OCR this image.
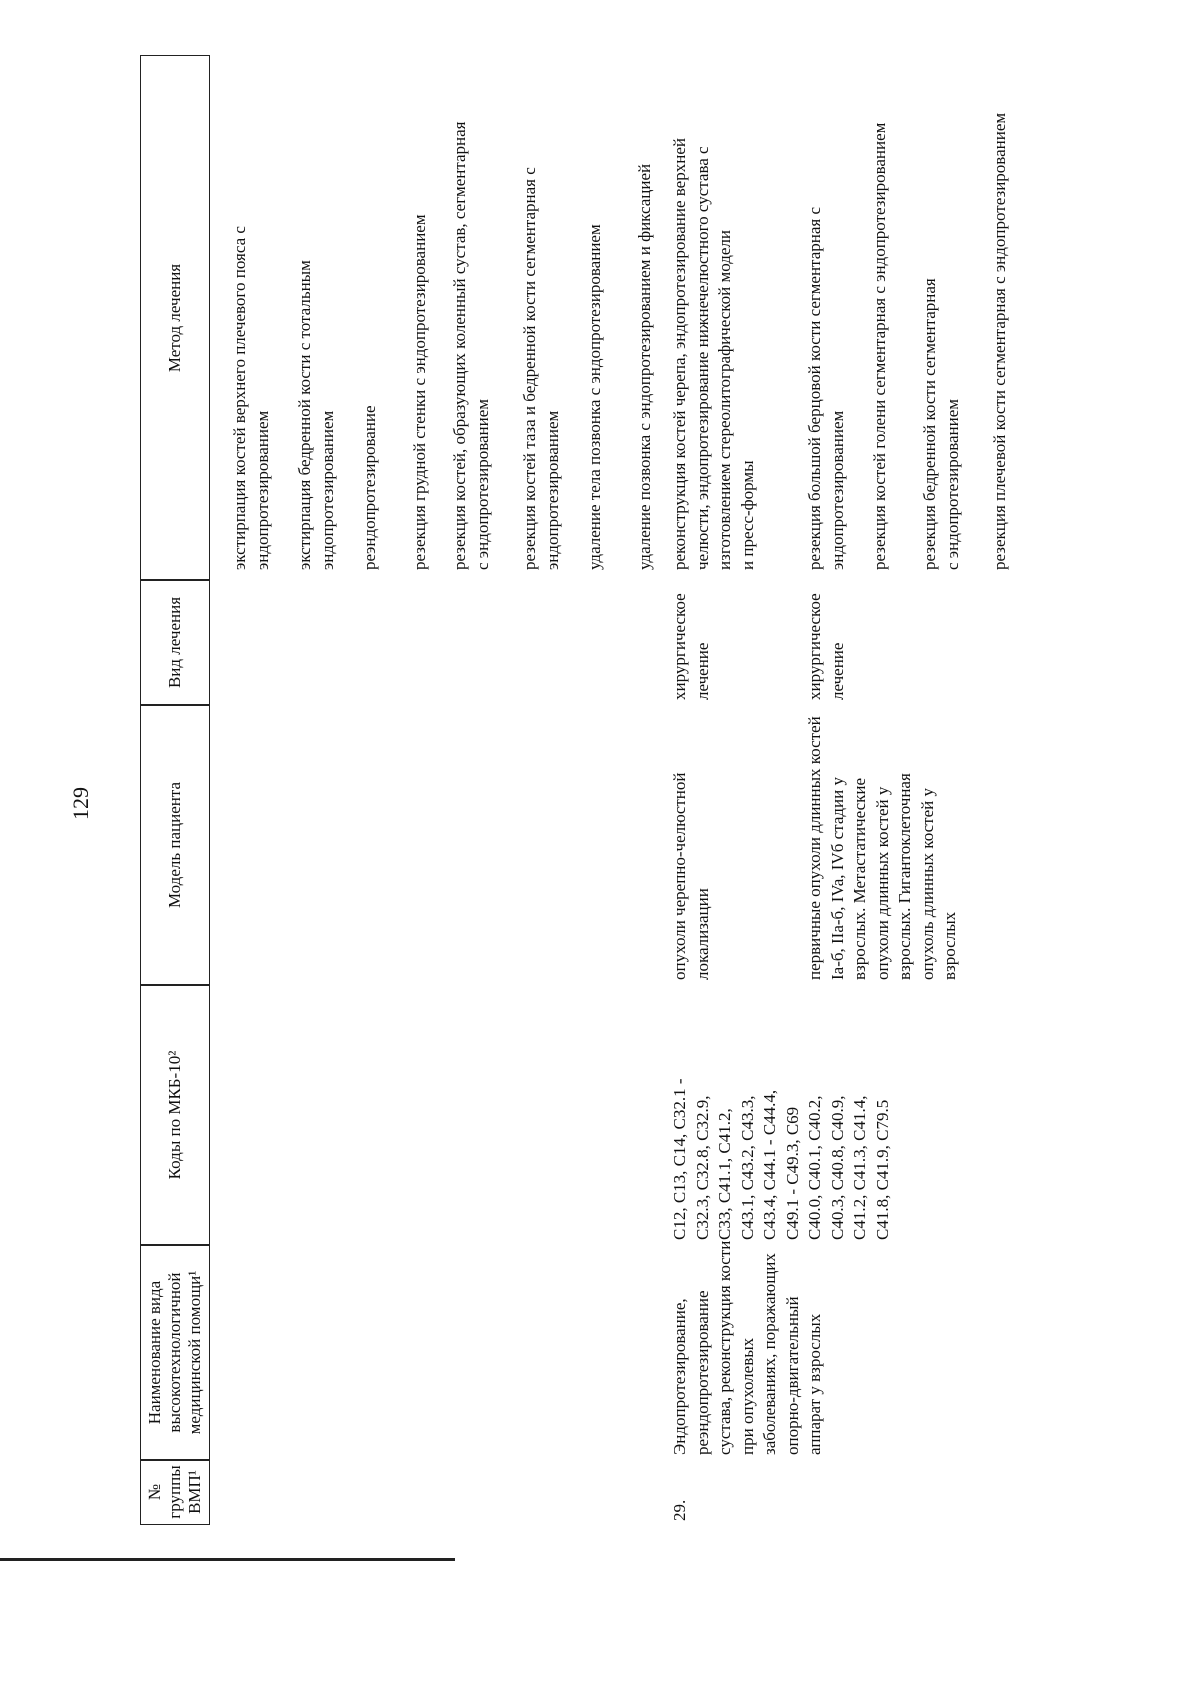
129
№
группы
ВМП¹
Наименование вида
высокотехнологичной
медицинской помощи¹
Коды по МКБ-10²
Модель пациента
Вид лечения
Метод лечения
экстирпация костей верхнего плечевого пояса с
эндопротезированием экстирпация бедренной кости с тотальным
эндопротезированием реэндопротезирование резекция грудной стенки с эндопротезированием резекция костей, образующих коленный сустав, сегментарная
с эндопротезированием резекция костей таза и бедренной кости сегментарная с
эндопротезированием удаление тела позвонка с эндопротезированием удаление позвонка с эндопротезированием и фиксацией
29.
Эндопротезирование,
реэндопротезирование
сустава, реконструкция кости
при опухолевых
заболеваниях, поражающих
опорно-двигательный
аппарат у взрослых
C12, C13, C14, C32.1 -
C32.3, C32.8, C32.9,
C33, C41.1, C41.2,
C43.1, C43.2, C43.3,
C43.4, C44.1 - C44.4,
C49.1 - C49.3, C69
опухоли черепно-челюстной
локализации
хирургическое
лечение
реконструкция костей черепа, эндопротезирование верхней
челюсти, эндопротезирование нижнечелюстного сустава с
изготовлением стереолитографической модели
и пресс-формы
C40.0, C40.1, C40.2,
C40.3, C40.8, C40.9,
C41.2, C41.3, C41.4,
C41.8, C41.9, C79.5
первичные опухоли длинных костей
Ia-б, IIa-б, IVa, IVб стадии у
взрослых. Метастатические
опухоли длинных костей у
взрослых. Гигантоклеточная
опухоль длинных костей у
взрослых
хирургическое
лечение
резекция большой берцовой кости сегментарная с
эндопротезированием резекция костей голени сегментарная с эндопротезированием резекция бедренной кости сегментарная
с эндопротезированием резекция плечевой кости сегментарная с эндопротезированием
